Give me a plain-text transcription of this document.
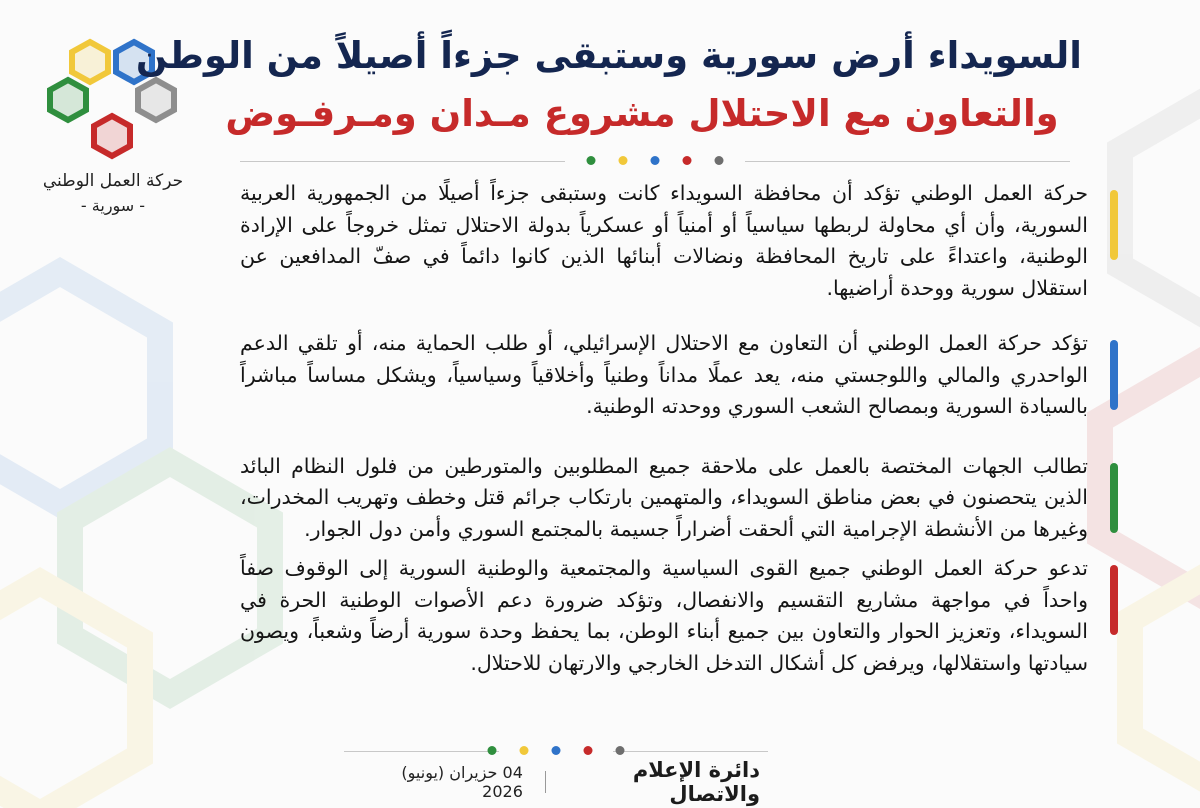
حركة العمل الوطني
- سورية -
السويداء أرض سورية وستبقى جزءاً أصيلاً من الوطن
والتعاون مع الاحتلال مشروع مـدان ومـرفـوض
حركة العمل الوطني تؤكد أن محافظة السويداء كانت وستبقى جزءاً أصيلًا من الجمهورية العربية السورية، وأن أي محاولة لربطها سياسياً أو أمنياً أو عسكرياً بدولة الاحتلال تمثل خروجاً على الإرادة الوطنية، واعتداءً على تاريخ المحافظة ونضالات أبنائها الذين كانوا دائماً في صفّ المدافعين عن استقلال سورية ووحدة أراضيها.
تؤكد حركة العمل الوطني أن التعاون مع الاحتلال الإسرائيلي، أو طلب الحماية منه، أو تلقي الدعم الواحدري والمالي واللوجستي منه، يعد عملًا مداناً وطنياً وأخلاقياً وسياسياً، ويشكل مساساً مباشراً بالسيادة السورية وبمصالح الشعب السوري ووحدته الوطنية.
تطالب الجهات المختصة بالعمل على ملاحقة جميع المطلوبين والمتورطين من فلول النظام البائد الذين يتحصنون في بعض مناطق السويداء، والمتهمين بارتكاب جرائم قتل وخطف وتهريب المخدرات، وغيرها من الأنشطة الإجرامية التي ألحقت أضراراً جسيمة بالمجتمع السوري وأمن دول الجوار.
تدعو حركة العمل الوطني جميع القوى السياسية والمجتمعية والوطنية السورية إلى الوقوف صفاً واحداً في مواجهة مشاريع التقسيم والانفصال، وتؤكد ضرورة دعم الأصوات الوطنية الحرة في السويداء، وتعزيز الحوار والتعاون بين جميع أبناء الوطن، بما يحفظ وحدة سورية أرضاً وشعباً، ويصون سيادتها واستقلالها، ويرفض كل أشكال التدخل الخارجي والارتهان للاحتلال.
دائرة الإعلام والاتصال
04 حزيران (يونيو) 2026
